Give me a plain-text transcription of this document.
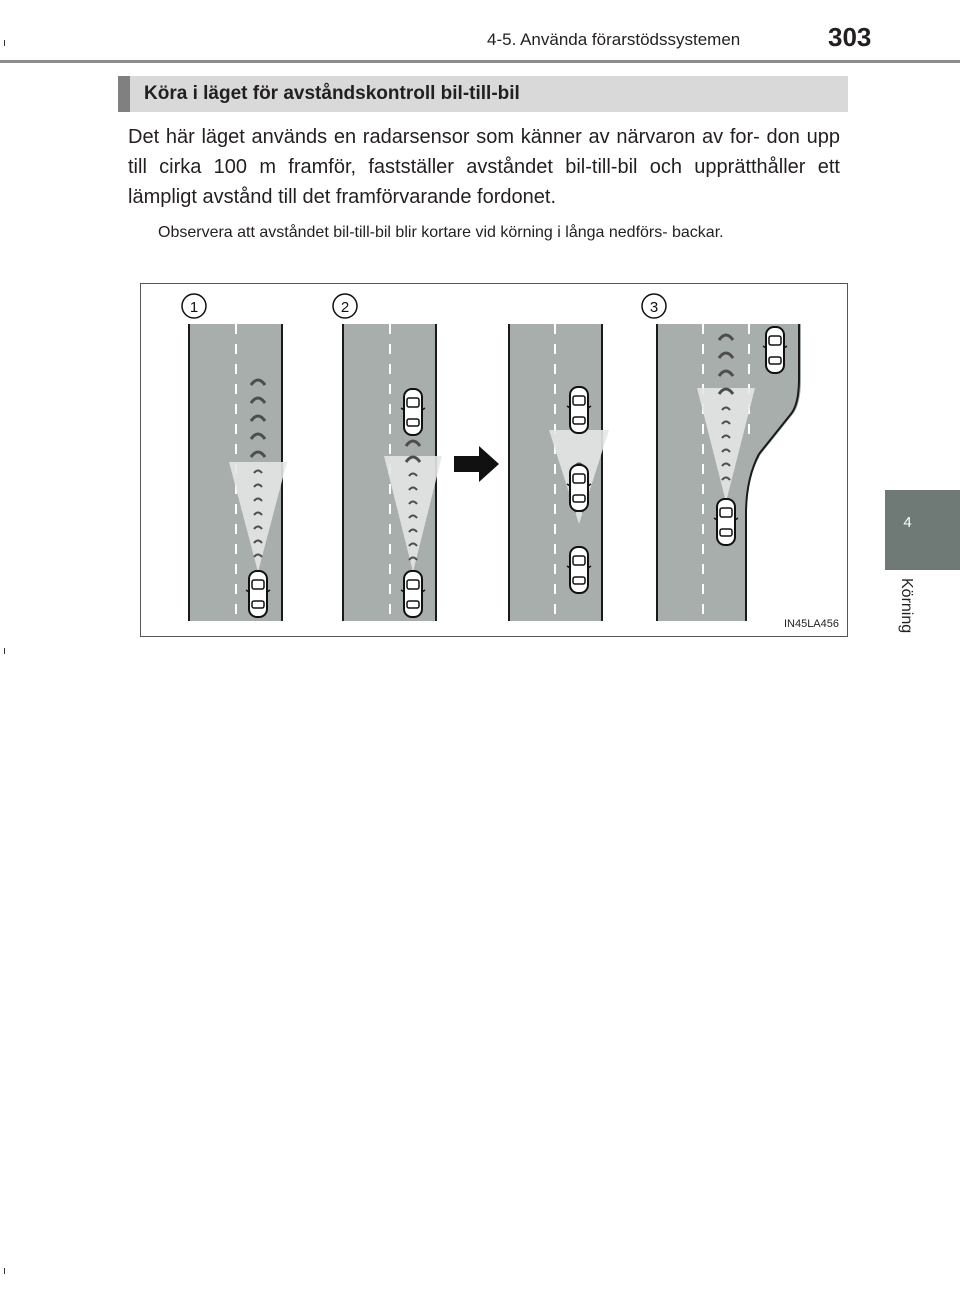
4-5. Använda förarstödssystemen	303
4
Körning
Köra i läget för avståndskontroll bil-till-bil
Det här läget används en radarsensor som känner av närvaron av for- don upp till cirka 100 m framför, fastställer avståndet bil-till-bil och upprätthåller ett lämpligt avstånd till det framförvarande fordonet.
Observera att avståndet bil-till-bil blir kortare vid körning i långa nedförs- backar.
1	2	3
IN45LA456
